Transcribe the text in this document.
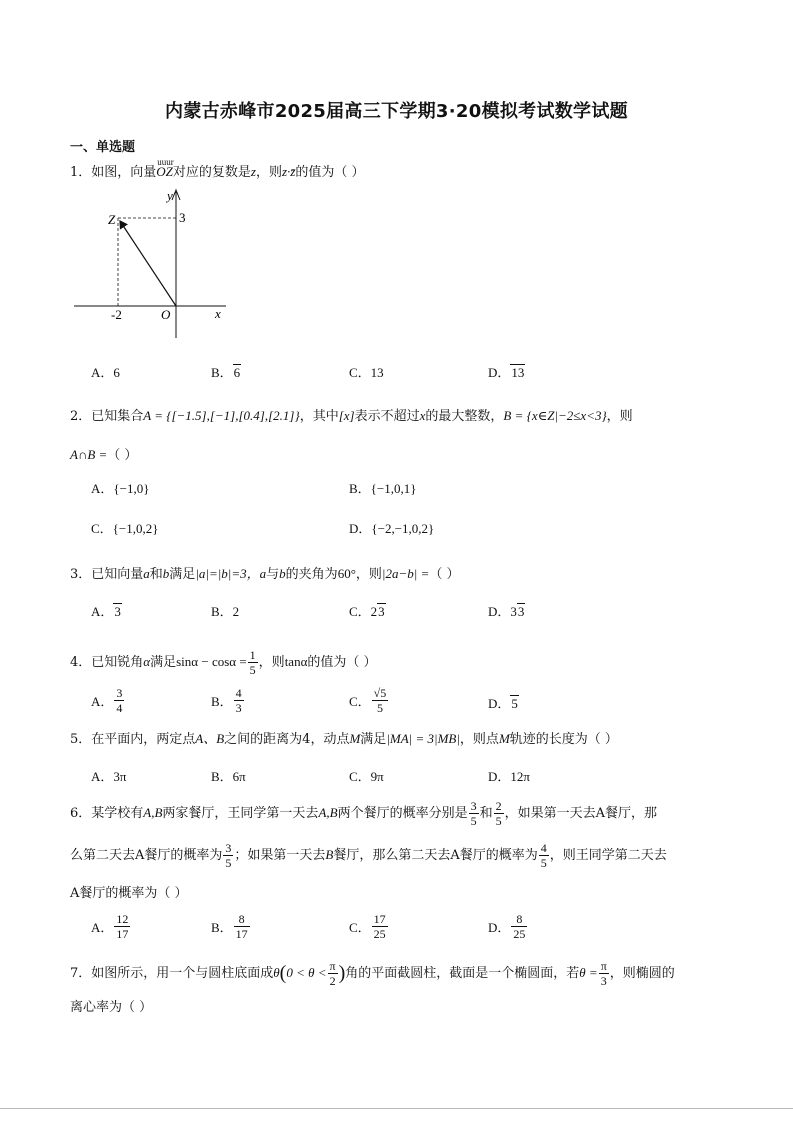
内蒙古赤峰市2025届高三下学期3·20模拟考试数学试题
一、单选题
1．如图，向量
uuur
OZ对应的复数是z，则z·z̄的值为（ ）
y
x
O
Z	3
-2
A．6	B．6	C．13	D．13
2．已知集合A = {[−1.5],[−1],[0.4],[2.1]}，其中[x]表示不超过x的最大整数，B = {x∈Z|−2≤x<3}，则
A∩B =（ ）
A．{−1,0}	B．{−1,0,1}
C．{−1,0,2}	D．{−2,−1,0,2}
3．已知向量a和b满足|a|=|b|=3，a与b的夹角为60°，则|2a−b| =（ ）
A．3	B．2	C．23	D．33
4．已知锐角α满足$\sin\alpha - \cos\alpha = \frac{1}{5}$ ，则tanα的值为（ ）
A． $\frac{3}{4}$	B． $\frac{4}{3}$	C． $\frac{√5}{5}$	D．5
5．在平面内，两定点A、B之间的距离为4，动点M满足|MA| = 3|MB|，则点M轨迹的长度为（ ）
A．3π	B．6π	C．9π	D．12π
6．某学校有A,B两家餐厅，王同学第一天去A,B两个餐厅的概率分别是 $\frac{3}{5}$ 和 $\frac{2}{5}$ ，如果第一天去A餐厅，那
么第二天去A餐厅的概率为 $\frac{3}{5}$ ；如果第一天去B餐厅，那么第二天去A餐厅的概率为 $\frac{4}{5}$ ，则王同学第二天去
A餐厅的概率为（ ）
A． $\frac{12}{17}$	B． $\frac{8}{17}$	C． $\frac{17}{25}$	D． $\frac{8}{25}$
7．如图所示，用一个与圆柱底面成$\theta(0 < \theta < \frac{\pi}{2}$ )角的平面截圆柱，截面是一个椭圆面，若$\theta = \frac{\pi}{3}$ ，则椭圆的
离心率为（ ）
